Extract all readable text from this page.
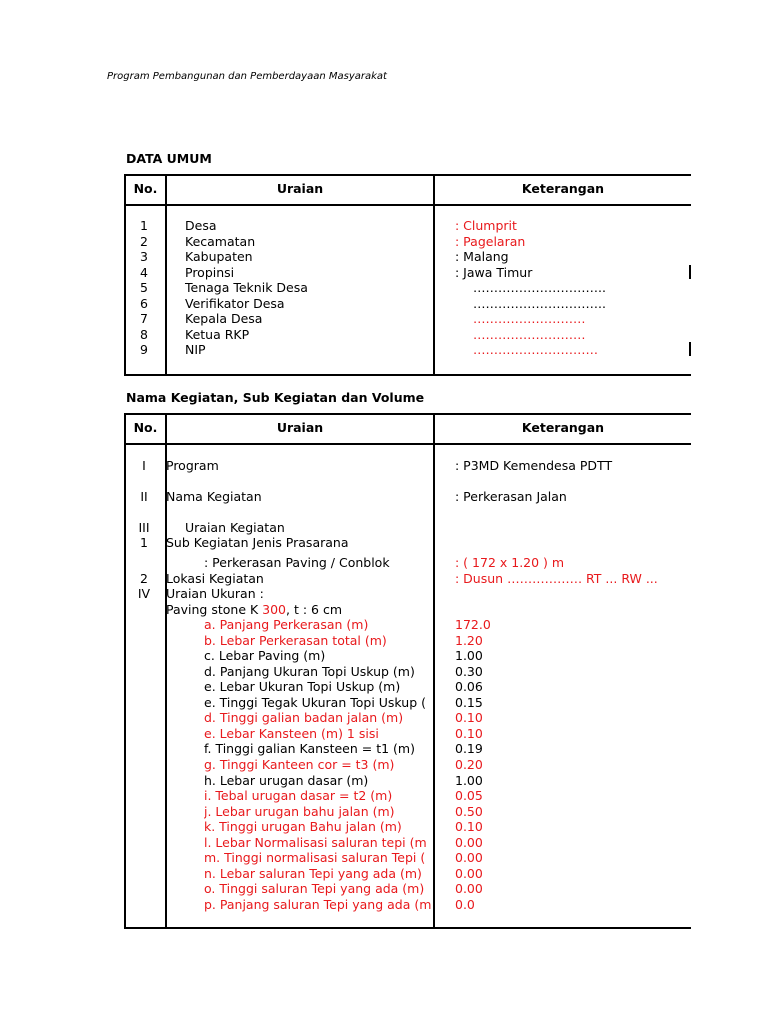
Program Pembangunan dan Pemberdayaan Masyarakat
DATA UMUM
No.	Uraian	Keterangan
1	Desa	: Clumprit
2	Kecamatan	: Pagelaran
3	Kabupaten	: Malang
4	Propinsi	: Jawa Timur
5	Tenaga Teknik Desa	…………………………..
6	Verifikator Desa	…………………………..
7	Kepala Desa	………………………
8	Ketua RKP	………………………
9	NIP	…………………………
Nama Kegiatan, Sub Kegiatan dan Volume
No.	Uraian	Keterangan
I	Program	: P3MD Kemendesa PDTT
II	Nama Kegiatan	: Perkerasan Jalan
III	Uraian Kegiatan
1	Sub Kegiatan Jenis Prasarana
: Perkerasan Paving / Conblok	: ( 172 x 1.20 ) m
2	Lokasi Kegiatan	: Dusun ……………… RT ... RW ...
IV	Uraian Ukuran :
Paving stone K 300, t : 6 cm
a. Panjang Perkerasan (m)	172.0
b. Lebar Perkerasan total (m)	1.20
c. Lebar Paving (m)	1.00
d. Panjang Ukuran Topi Uskup (m)	0.30
e. Lebar Ukuran Topi Uskup (m)	0.06
e. Tinggi Tegak Ukuran Topi Uskup (	0.15
d. Tinggi galian badan jalan (m)	0.10
e. Lebar Kansteen (m) 1 sisi	0.10
f. Tinggi galian Kansteen = t1 (m)	0.19
g. Tinggi Kanteen cor = t3 (m)	0.20
h. Lebar urugan dasar (m)	1.00
i. Tebal urugan dasar = t2 (m)	0.05
j. Lebar urugan bahu jalan (m)	0.50
k. Tinggi urugan Bahu jalan (m)	0.10
l. Lebar Normalisasi saluran tepi (m	0.00
m. Tinggi normalisasi saluran Tepi (	0.00
n. Lebar saluran Tepi yang ada (m)	0.00
o. Tinggi saluran Tepi yang ada (m)	0.00
p. Panjang saluran Tepi yang ada (m 0.0
